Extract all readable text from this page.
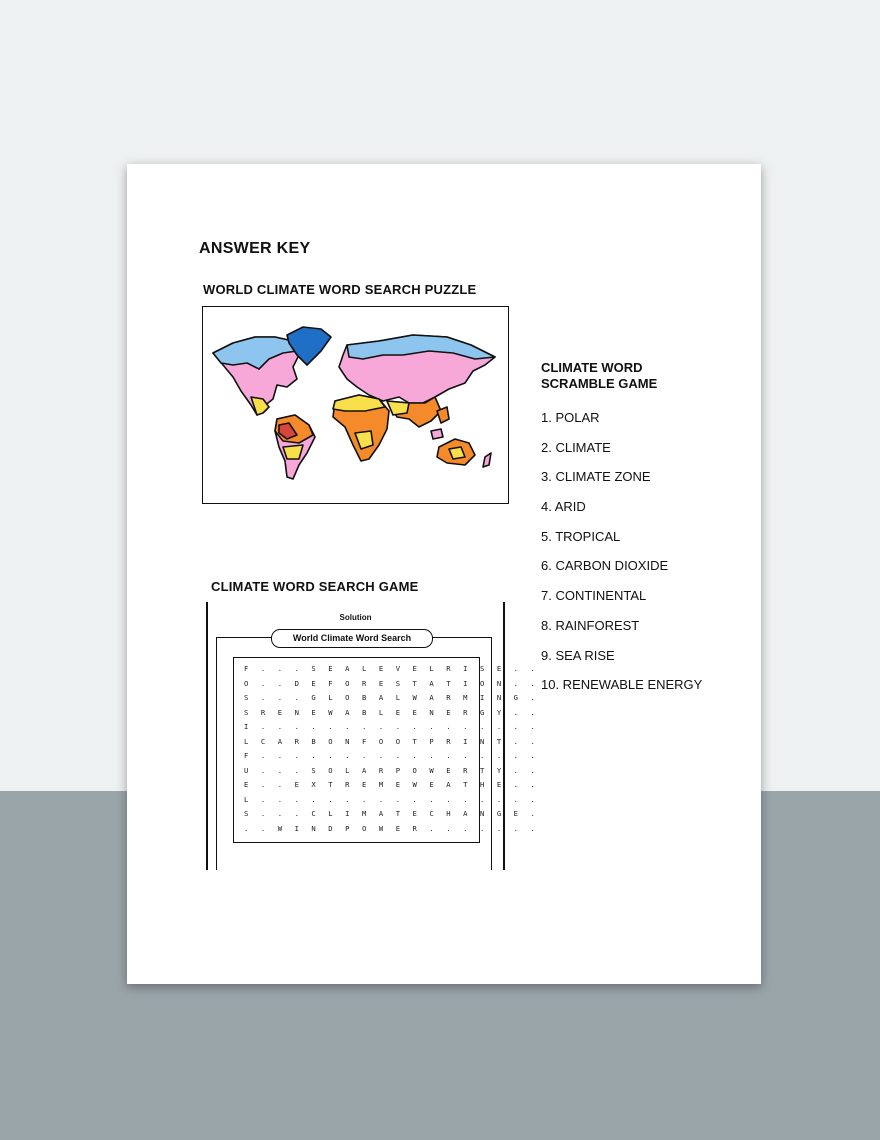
ANSWER KEY
WORLD CLIMATE WORD SEARCH PUZZLE
CLIMATE WORD SEARCH GAME
Solution
World Climate Word Search
F . . . S E A L E V E L R I S E . .
O . . D E F O R E S T A T I O N . .
S . . . G L O B A L W A R M I N G .
S R E N E W A B L E E N E R G Y . .
I . . . . . . . . . . . . . . . . .
L C A R B O N F O O T P R I N T . .
F . . . . . . . . . . . . . . . . .
U . . . S O L A R P O W E R T Y . .
E . . E X T R E M E W E A T H E . .
L . . . . . . . . . . . . . . . . .
S . . . C L I M A T E C H A N G E .
. . W I N D P O W E R . . . . . . .
CLIMATE WORD SCRAMBLE GAME
1. POLAR
2. CLIMATE
3. CLIMATE ZONE
4. ARID
5. TROPICAL
6. CARBON DIOXIDE
7. CONTINENTAL
8. RAINFOREST
9. SEA RISE
10. RENEWABLE ENERGY
